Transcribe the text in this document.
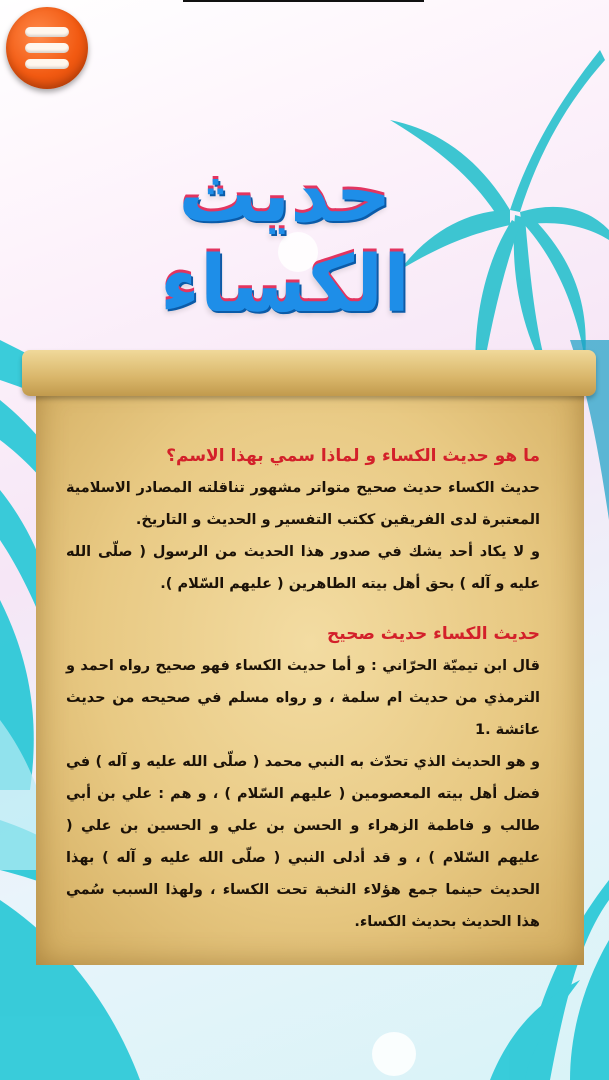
حديث الكساء
ما هو حديث الكساء و لماذا سمي بهذا الاسم؟

حديث الكساء حديث صحيح متواتر مشهور تناقلته المصادر الاسلامية المعتبرة لدى الفريقين ككتب التفسير و الحديث و التاريخ.

و لا يكاد أحد يشك في صدور هذا الحديث من الرسول ( صلّى الله عليه و آله ) بحق أهل بيته الطاهرين ( عليهم السّلام ).

حديث الكساء حديث صحيح

قال ابن تيميّة الحرّاني : و أما حديث الكساء فهو صحيح رواه احمد و الترمذي من حديث ام سلمة ، و رواه مسلم في صحيحه من حديث عائشة .1

و هو الحديث الذي تحدّث به النبي محمد ( صلّى الله عليه و آله ) في فضل أهل بيته المعصومين ( عليهم السّلام ) ، و هم : علي بن أبي طالب و فاطمة الزهراء و الحسن بن علي و الحسين بن علي ( عليهم السّلام ) ، و قد أدلى النبي ( صلّى الله عليه و آله ) بهذا الحديث حينما جمع هؤلاء النخبة تحت الكساء ، ولهذا السبب سُمي هذا الحديث بحديث الكساء.
